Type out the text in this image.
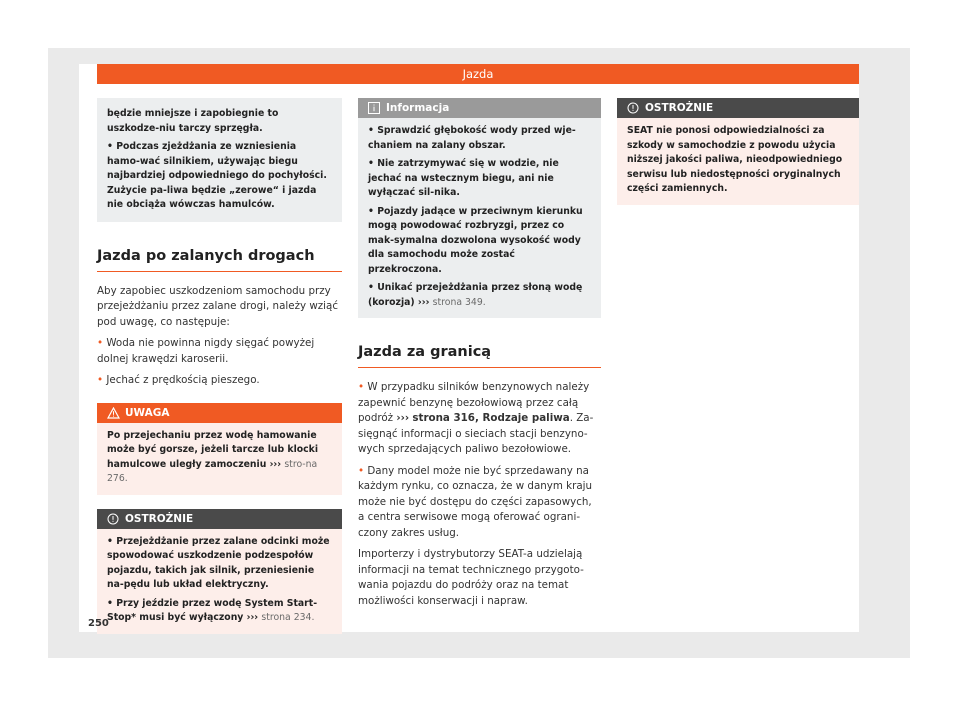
Jazda

będzie mniejsze i zapobiegnie to uszkodze-niu tarczy sprzęgła.

• Podczas zjeżdżania ze wzniesienia hamo-wać silnikiem, używając biegu najbardziej odpowiedniego do pochyłości. Zużycie pa-liwa będzie „zerowe“ i jazda nie obciąża wówczas hamulców.

Jazda po zalanych drogach

Aby zapobiec uszkodzeniom samochodu przy przejeżdżaniu przez zalane drogi, należy wziąć pod uwagę, co następuje:

• Woda nie powinna nigdy sięgać powyżej dolnej krawędzi karoserii.

• Jechać z prędkością pieszego.

UWAGA
Po przejechaniu przez wodę hamowanie może być gorsze, jeżeli tarcze lub klocki hamulcowe uległy zamoczeniu ››› stro-na 276.
OSTROŻNIE

• Przejeżdżanie przez zalane odcinki może spowodować uszkodzenie podzespołów pojazdu, takich jak silnik, przeniesienie na-pędu lub układ elektryczny.

• Przy jeździe przez wodę System Start-Stop* musi być wyłączony ››› strona 234.

Informacja

• Sprawdzić głębokość wody przed wje-chaniem na zalany obszar.

• Nie zatrzymywać się w wodzie, nie jechać na wstecznym biegu, ani nie wyłączać sil-nika.

• Pojazdy jadące w przeciwnym kierunku mogą powodować rozbryzgi, przez co mak-symalna dozwolona wysokość wody dla samochodu może zostać przekroczona.

• Unikać przejeżdżania przez słoną wodę (korozja) ››› strona 349.

Jazda za granicą

• W przypadku silników benzynowych należy zapewnić benzynę bezołowiową przez całą podróż ››› strona 316, Rodzaje paliwa. Za-sięgnąć informacji o sieciach stacji benzyno-wych sprzedających paliwo bezołowiowe.

• Dany model może nie być sprzedawany na każdym rynku, co oznacza, że w danym kraju może nie być dostępu do części zapasowych, a centra serwisowe mogą oferować ograni-czony zakres usług.

Importerzy i dystrybutorzy SEAT-a udzielają informacji na temat technicznego przygoto-wania pojazdu do podróży oraz na temat możliwości konserwacji i napraw.

OSTROŻNIE
SEAT nie ponosi odpowiedzialności za szkody w samochodzie z powodu użycia niższej jakości paliwa, nieodpowiedniego serwisu lub niedostępności oryginalnych części zamiennych.
250
